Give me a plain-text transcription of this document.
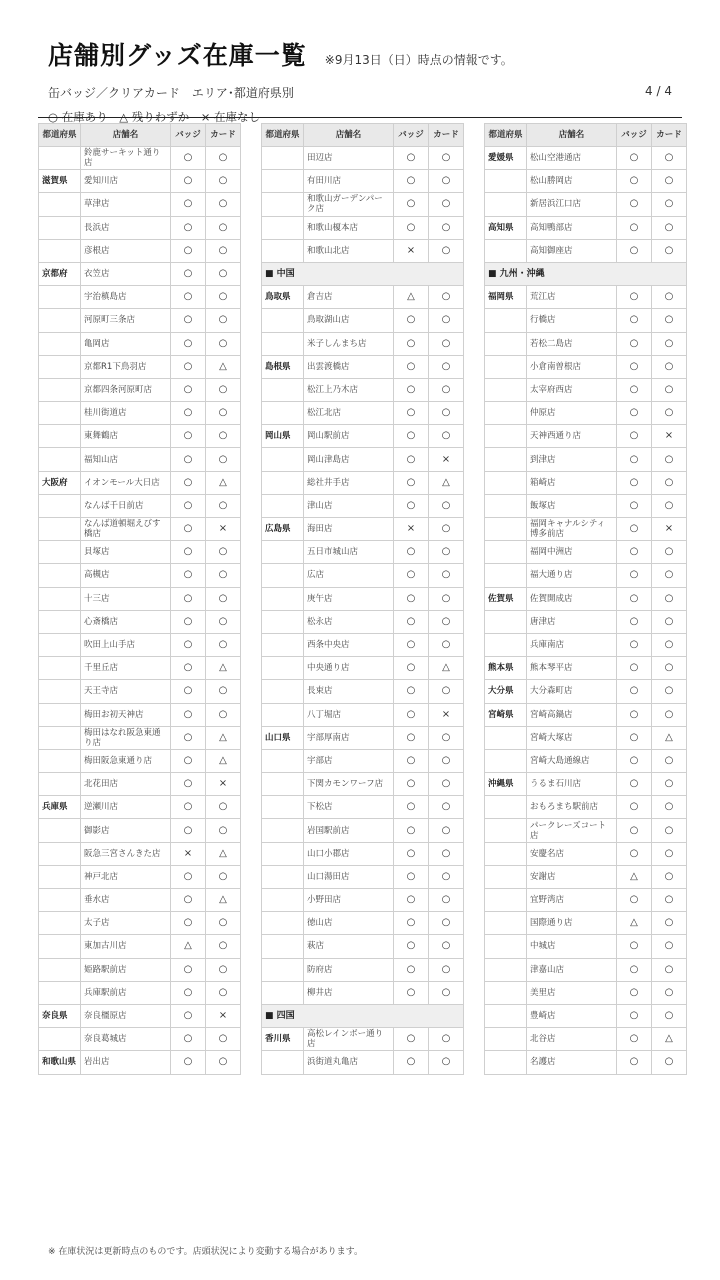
店舗別グッズ在庫一覧 ※9月13日（日）時点の情報です。
缶バッジ／クリアカード　エリア･都道府県別	4 / 4
○ 在庫あり　△ 残りわずか　× 在庫なし
都道府県	店舗名	バッジ	カード
	鈴鹿サーキット通り店	○	○
滋賀県	愛知川店	○	○
	草津店	○	○
	長浜店	○	○
	彦根店	○	○
京都府	衣笠店	○	○
	宇治槙島店	○	○
	河原町三条店	○	○
	亀岡店	○	○
	京都R1下鳥羽店	○	△
	京都四条河原町店	○	○
	桂川街道店	○	○
	東舞鶴店	○	○
	福知山店	○	○
大阪府	イオンモール大日店	○	△
	なんば千日前店	○	○
	なんば道頓堀えびす橋店	○	×
	貝塚店	○	○
	高槻店	○	○
	十三店	○	○
	心斎橋店	○	○
	吹田上山手店	○	○
	千里丘店	○	△
	天王寺店	○	○
	梅田お初天神店	○	○
	梅田はなれ阪急東通り店	○	△
	梅田阪急東通り店	○	△
	北花田店	○	×
兵庫県	逆瀬川店	○	○
	御影店	○	○
	阪急三宮さんきた店	×	△
	神戸北店	○	○
	垂水店	○	△
	太子店	○	○
	東加古川店	△	○
	姫路駅前店	○	○
	兵庫駅前店	○	○
奈良県	奈良橿原店	○	×
	奈良葛城店	○	○
和歌山県	岩出店	○	○
都道府県	店舗名	バッジ	カード
	田辺店	○	○
	有田川店	○	○
	和歌山ガーデンパーク店	○	○
	和歌山榎本店	○	○
	和歌山北店	×	○
■ 中国			
鳥取県	倉吉店	△	○
	鳥取湖山店	○	○
	米子しんまち店	○	○
島根県	出雲渡橋店	○	○
	松江上乃木店	○	○
	松江北店	○	○
岡山県	岡山駅前店	○	○
	岡山津島店	○	×
	総社井手店	○	△
	津山店	○	○
広島県	海田店	×	○
	五日市城山店	○	○
	広店	○	○
	庚午店	○	○
	松永店	○	○
	西条中央店	○	○
	中央通り店	○	△
	長束店	○	○
	八丁堀店	○	×
山口県	宇部厚南店	○	○
	宇部店	○	○
	下関カモンワーフ店	○	○
	下松店	○	○
	岩国駅前店	○	○
	山口小郡店	○	○
	山口湯田店	○	○
	小野田店	○	○
	徳山店	○	○
	萩店	○	○
	防府店	○	○
	柳井店	○	○
■ 四国			
香川県	高松レインボー通り店	○	○
	浜街道丸亀店	○	○
都道府県	店舗名	バッジ	カード
愛媛県	松山空港通店	○	○
	松山勝岡店	○	○
	新居浜江口店	○	○
高知県	高知鴨部店	○	○
	高知御座店	○	○
■ 九州・沖縄			
福岡県	荒江店	○	○
	行橋店	○	○
	若松二島店	○	○
	小倉南曽根店	○	○
	太宰府西店	○	○
	仲原店	○	○
	天神西通り店	○	×
	到津店	○	○
	箱崎店	○	○
	飯塚店	○	○
	福岡キャナルシティ博多前店	○	×
	福岡中洲店	○	○
	福大通り店	○	○
佐賀県	佐賀開成店	○	○
	唐津店	○	○
	兵庫南店	○	○
熊本県	熊本琴平店	○	○
大分県	大分森町店	○	○
宮崎県	宮崎高鍋店	○	○
	宮崎大塚店	○	△
	宮崎大島通線店	○	○
沖縄県	うるま石川店	○	○
	おもろまち駅前店	○	○
	パークレーズコート店	○	○
	安慶名店	○	○
	安謝店	△	○
	宜野湾店	○	○
	国際通り店	△	○
	中城店	○	○
	津嘉山店	○	○
	美里店	○	○
	豊崎店	○	○
	北谷店	○	△
	名護店	○	○
※ 在庫状況は更新時点のものです。店頭状況により変動する場合があります。
